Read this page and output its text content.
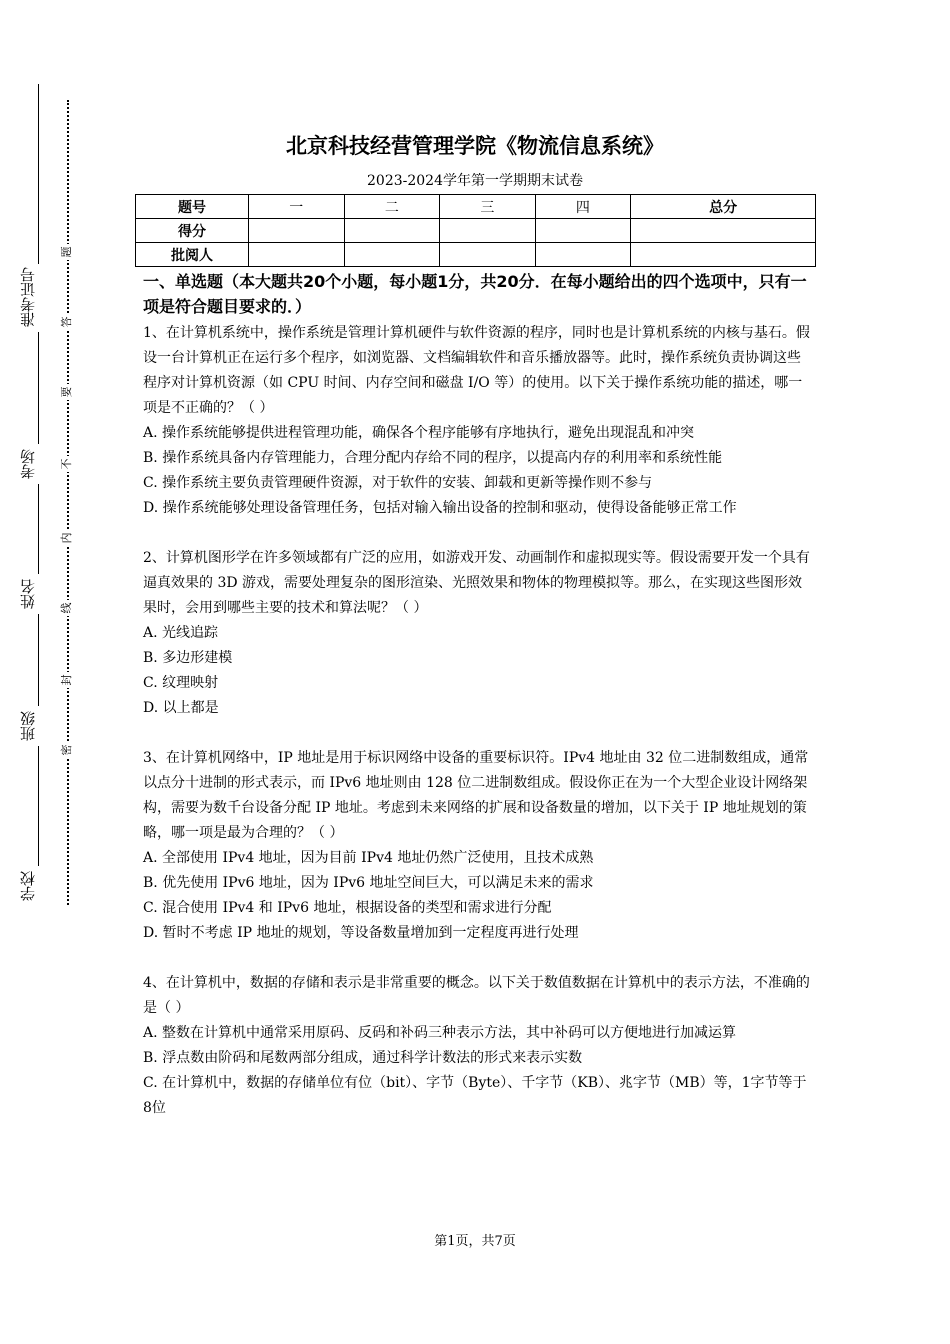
准考证号
考场
姓名
班级
学校
题
答
要
不
内
线
封
密
北京科技经营管理学院《物流信息系统》
2023-2024学年第一学期期末试卷
题号	一	二	三	四	总分
得分					
批阅人					
一、单选题（本大题共20个小题，每小题1分，共20分．在每小题给出的四个选项中，只有一项是符合题目要求的．）

1、在计算机系统中，操作系统是管理计算机硬件与软件资源的程序，同时也是计算机系统的内核与基石。假设一台计算机正在运行多个程序，如浏览器、文档编辑软件和音乐播放器等。此时，操作系统负责协调这些程序对计算机资源（如 CPU 时间、内存空间和磁盘 I/O 等）的使用。以下关于操作系统功能的描述，哪一项是不正确的？（ ）

A. 操作系统能够提供进程管理功能，确保各个程序能够有序地执行，避免出现混乱和冲突

B. 操作系统具备内存管理能力，合理分配内存给不同的程序，以提高内存的利用率和系统性能

C. 操作系统主要负责管理硬件资源，对于软件的安装、卸载和更新等操作则不参与

D. 操作系统能够处理设备管理任务，包括对输入输出设备的控制和驱动，使得设备能够正常工作

2、计算机图形学在许多领域都有广泛的应用，如游戏开发、动画制作和虚拟现实等。假设需要开发一个具有逼真效果的 3D 游戏，需要处理复杂的图形渲染、光照效果和物体的物理模拟等。那么，在实现这些图形效果时，会用到哪些主要的技术和算法呢？（ ）

A. 光线追踪

B. 多边形建模

C. 纹理映射

D. 以上都是

3、在计算机网络中，IP 地址是用于标识网络中设备的重要标识符。IPv4 地址由 32 位二进制数组成，通常以点分十进制的形式表示，而 IPv6 地址则由 128 位二进制数组成。假设你正在为一个大型企业设计网络架构，需要为数千台设备分配 IP 地址。考虑到未来网络的扩展和设备数量的增加，以下关于 IP 地址规划的策略，哪一项是最为合理的？（ ）

A. 全部使用 IPv4 地址，因为目前 IPv4 地址仍然广泛使用，且技术成熟

B. 优先使用 IPv6 地址，因为 IPv6 地址空间巨大，可以满足未来的需求

C. 混合使用 IPv4 和 IPv6 地址，根据设备的类型和需求进行分配

D. 暂时不考虑 IP 地址的规划，等设备数量增加到一定程度再进行处理

4、在计算机中，数据的存储和表示是非常重要的概念。以下关于数值数据在计算机中的表示方法，不准确的是（ ）

A. 整数在计算机中通常采用原码、反码和补码三种表示方法，其中补码可以方便地进行加减运算

B. 浮点数由阶码和尾数两部分组成，通过科学计数法的形式来表示实数

C. 在计算机中，数据的存储单位有位（bit）、字节（Byte）、千字节（KB）、兆字节（MB）等，1字节等于8位

第1页，共7页
